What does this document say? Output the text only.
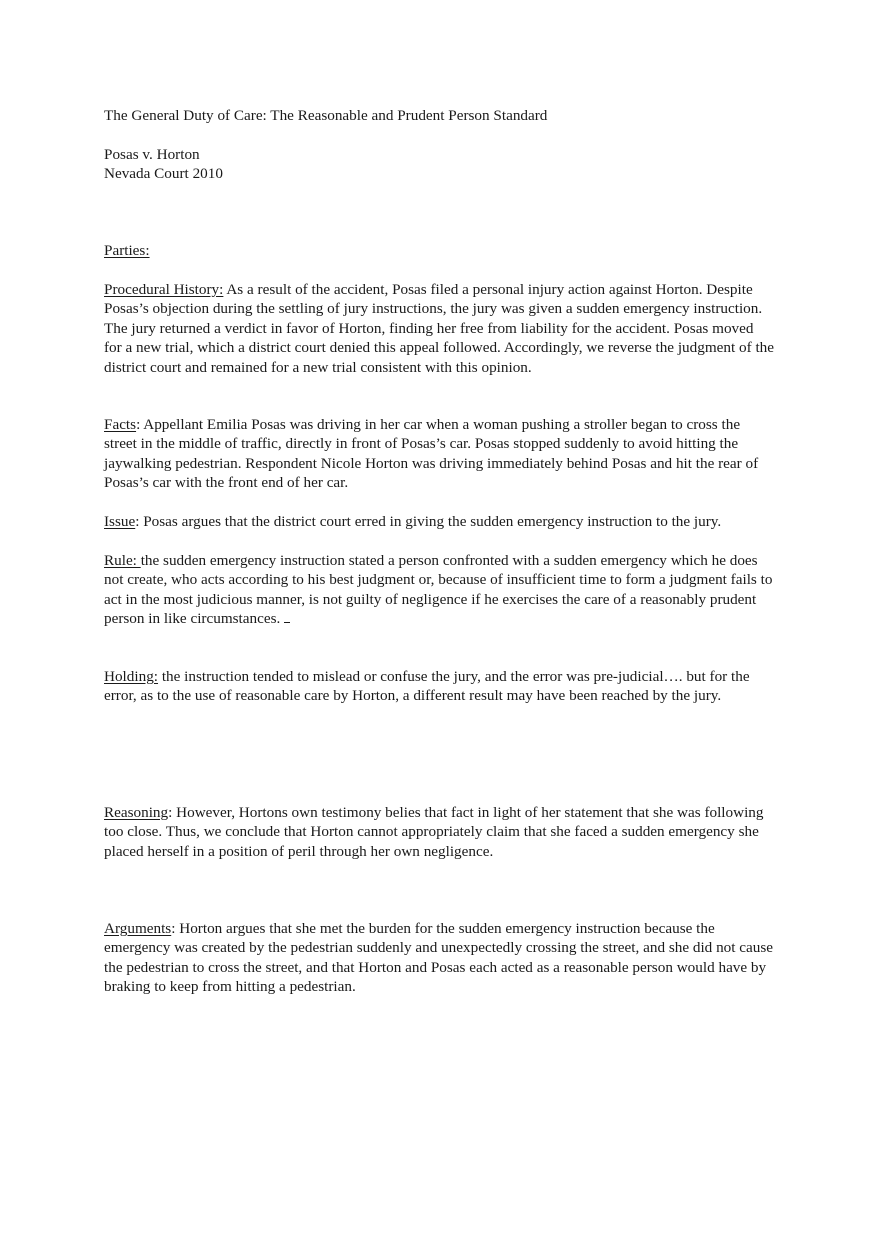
The General Duty of Care: The Reasonable and Prudent Person Standard
Posas v. Horton
Nevada Court 2010
Parties:
Procedural History: As a result of the accident, Posas filed a personal injury action against Horton. Despite Posas’s objection during the settling of jury instructions, the jury was given a sudden emergency instruction. The jury returned a verdict in favor of Horton, finding her free from liability for the accident. Posas moved for a new trial, which a district court denied this appeal followed. Accordingly, we reverse the judgment of the district court and remained for a new trial consistent with this opinion.
Facts: Appellant Emilia Posas was driving in her car when a woman pushing a stroller began to cross the street in the middle of traffic, directly in front of Posas’s car. Posas stopped suddenly to avoid hitting the jaywalking pedestrian. Respondent Nicole Horton was driving immediately behind Posas and hit the rear of Posas’s car with the front end of her car.
Issue: Posas argues that the district court erred in giving the sudden emergency instruction to the jury.
Rule: the sudden emergency instruction stated a person confronted with a sudden emergency which he does not create, who acts according to his best judgment or, because of insufficient time to form a judgment fails to act in the most judicious manner, is not guilty of negligence if he exercises the care of a reasonably prudent person in like circumstances.
Holding: the instruction tended to mislead or confuse the jury, and the error was pre-judicial…. but for the error, as to the use of reasonable care by Horton, a different result may have been reached by the jury.
Reasoning: However, Hortons own testimony belies that fact in light of her statement that she was following too close. Thus, we conclude that Horton cannot appropriately claim that she faced a sudden emergency she placed herself in a position of peril through her own negligence.
Arguments: Horton argues that she met the burden for the sudden emergency instruction because the emergency was created by the pedestrian suddenly and unexpectedly crossing the street, and she did not cause the pedestrian to cross the street, and that Horton and Posas each acted as a reasonable person would have by braking to keep from hitting a pedestrian.
